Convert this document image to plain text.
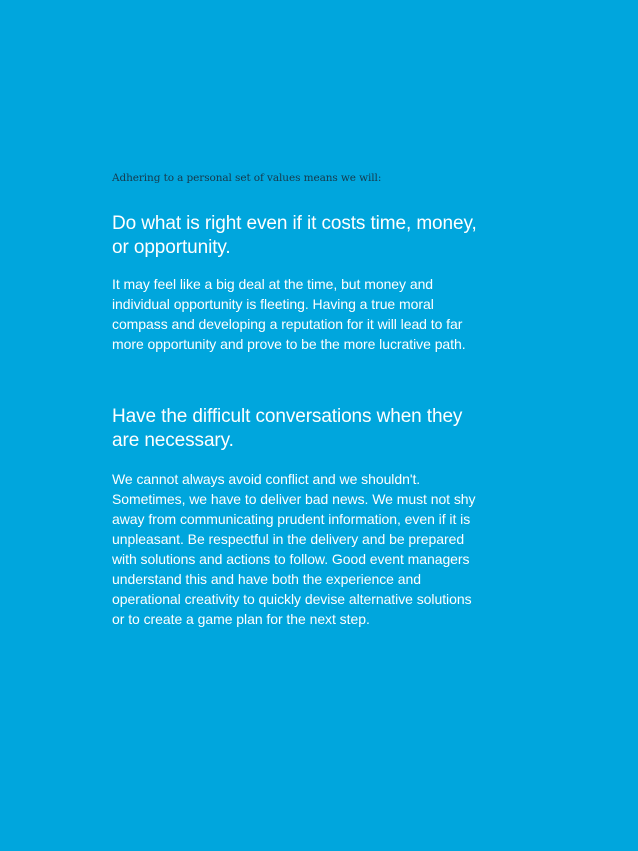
Adhering to a personal set of values means we will:

Do what is right even if it costs time, money, or opportunity.

It may feel like a big deal at the time, but money and individual opportunity is fleeting. Having a true moral compass and developing a reputation for it will lead to far more opportunity and prove to be the more lucrative path.

Have the difficult conversations when they are necessary.

We cannot always avoid conflict and we shouldn't. Sometimes, we have to deliver bad news. We must not shy away from communicating prudent information, even if it is unpleasant. Be respectful in the delivery and be prepared with solutions and actions to follow. Good event managers understand this and have both the experience and operational creativity to quickly devise alternative solutions or to create a game plan for the next step.
